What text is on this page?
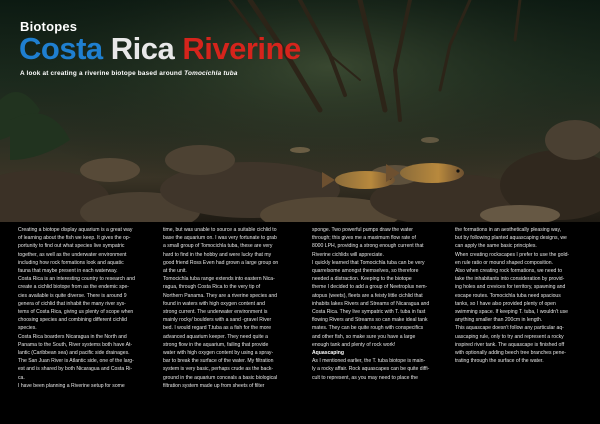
Biotopes
Costa Rica Riverine
A look at creating a riverine biotope based around Tomocichla tuba

Creating a biotope display aquarium is a great way

of learning about the fish we keep. It gives the op-

portunity to find out what species live sympatric

together, as well as the underwater environment

including how rock formations look and aquatic

fauna that maybe present in each waterway.

Costa Rica is an interesting country to research and

create a cichlid biotope from as the endemic spe-

cies available is quite diverse. There is around 9

genera of cichlid that inhabit the many river sys-

tems of Costa Rica, giving us plenty of scope when

choosing species and combining different cichlid

species.

Costa Rica boarders Nicaragua in the North and

Panama to the South, River systems both have At-

lantic (Caribbean sea) and pacific side drainages.

The San Juan River is Atlantic side, one of the larg-

est and is shared by both Nicaragua and Costa Ri-

ca.

I have been planning a Riverine setup for some

time, but was unable to source a suitable cichlid to

base the aquarium on. I was very fortunate to grab

a small group of Tomocichla tuba, these are very

hard to find in the hobby and were lucky that my

good friend Ross Even had grown a large group on

at the unit.

Tomocichla tuba range extends into eastern Nica-

ragua, through Costa Rica to the very tip of

Northern Panama. They are a riverine species and

found in waters with high oxygen content and

strong current. The underwater environment is

mainly rocky/ boulders with a sand -gravel River

bed. I would regard T.tuba as a fish for the more

advanced aquarium keeper. They need quite a

strong flow in the aquarium, failing that provide

water with high oxygen content by using a spray-

bar to break the surface of the water. My filtration

system is very basic, perhaps crude as the back-

ground in the aquarium conceals a basic biological

filtration system made up from sheets of filter

sponge. Two powerful pumps draw the water

through; this gives me a maximum flow rate of

8000 LPH, providing a strong enough current that

Riverine cichlids will appreciate.

I quickly learned that Tomocichla tuba can be very

quarrelsome amongst themselves, so therefore

needed a distraction. Keeping to the biotope

theme I decided to add a group of Neetroplus nem-

atopus (weets), fleets are a feisty little cichlid that

inhabits lakes Rivers and Streams of Nicaragua and

Costa Rica. They live sympatric with T. tuba in fast

flowing Rivers and Streams so can make ideal tank

mates. They can be quite rough with conspecifics

and other fish, so make sure you have a large

enough tank and plenty of rock work!

Aquascaping

As I mentioned earlier, the T. tuba biotope is main-

ly a rocky affair. Rock aquascapes can be quite diffi-

cult to represent, as you may need to place the

the formations in an aesthetically pleasing way,

but by following planted aquascaping designs, we

can apply the same basic principles.

When creating rockscapes I prefer to use the gold-

en rule ratio or mound shaped composition.

Also when creating rock formations, we need to

take the inhabitants into consideration by provid-

ing holes and crevices for territory, spawning and

escape routes. Tomocichla tuba need spacious

tanks, so I have also provided plenty of open

swimming space. If keeping T. tuba, I wouldn't use

anything smaller than 200cm in length.

This aquascape doesn't follow any particular aq-

uascaping rule, only to try and represent a rocky

inspired river tank. The aquascape is finished off

with optionally adding beech tree branches pene-

trating through the surface of the water.
